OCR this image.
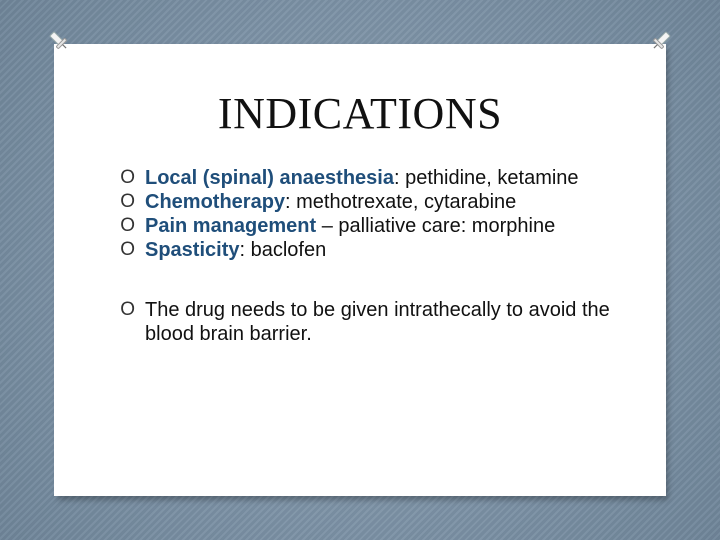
INDICATIONS
O Local (spinal) anaesthesia: pethidine, ketamine
O Chemotherapy: methotrexate, cytarabine
O Pain management – palliative care: morphine
O Spasticity: baclofen
O The drug needs to be given intrathecally to avoid the blood brain barrier.
